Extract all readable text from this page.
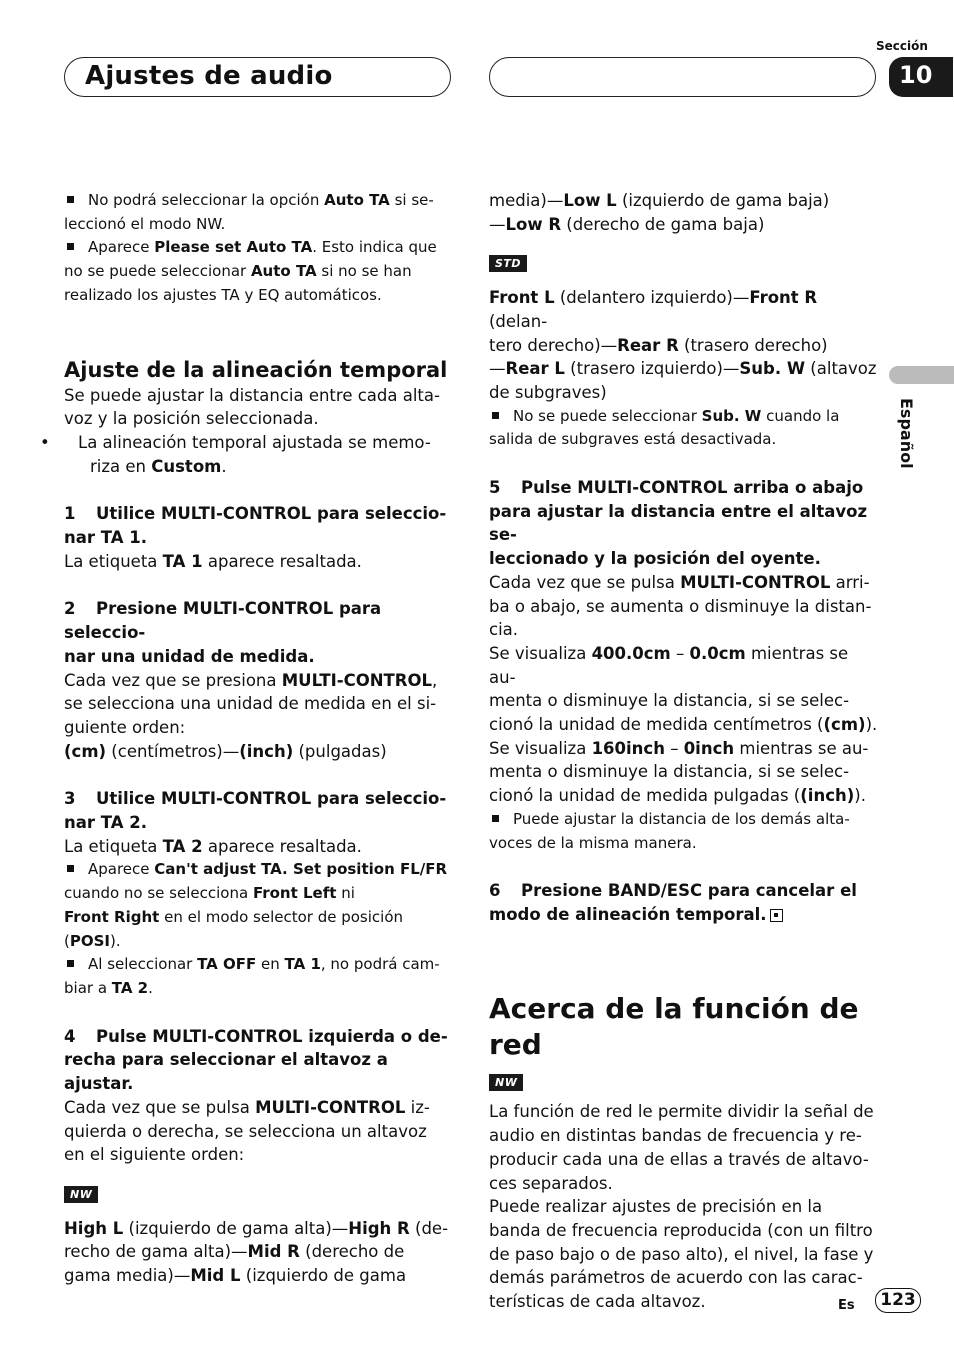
Ajustes de audio
Sección
10
Español

No podrá seleccionar la opción Auto TA si se-
leccionó el modo NW.

Aparece Please set Auto TA. Esto indica que
no se puede seleccionar Auto TA si no se han
realizado los ajustes TA y EQ automáticos.

Ajuste de la alineación temporal

Se puede ajustar la distancia entre cada alta-

voz y la posición seleccionada.

• La alineación temporal ajustada se memo-
riza en Custom.

1 Utilice MULTI-CONTROL para seleccio-
nar TA 1.

La etiqueta TA 1 aparece resaltada.

2 Presione MULTI-CONTROL para seleccio-
nar una unidad de medida.

Cada vez que se presiona MULTI-CONTROL,
se selecciona una unidad de medida en el si-
guiente orden:
(cm) (centímetros)—(inch) (pulgadas)

3 Utilice MULTI-CONTROL para seleccio-
nar TA 2.

La etiqueta TA 2 aparece resaltada.

Aparece Can't adjust TA. Set position FL/FR
cuando no se selecciona Front Left ni
Front Right en el modo selector de posición
(POSI).

Al seleccionar TA OFF en TA 1, no podrá cam-
biar a TA 2.

4 Pulse MULTI-CONTROL izquierda o de-
recha para seleccionar el altavoz a ajustar.

Cada vez que se pulsa MULTI-CONTROL iz-
quierda o derecha, se selecciona un altavoz
en el siguiente orden:

NW

High L (izquierdo de gama alta)—High R (de-
recho de gama alta)—Mid R (derecho de
gama media)—Mid L (izquierdo de gama

media)—Low L (izquierdo de gama baja)
—Low R (derecho de gama baja)

STD

Front L (delantero izquierdo)—Front R (delan-
tero derecho)—Rear R (trasero derecho)
—Rear L (trasero izquierdo)—Sub. W (altavoz
de subgraves)

No se puede seleccionar Sub. W cuando la
salida de subgraves está desactivada.

5 Pulse MULTI-CONTROL arriba o abajo
para ajustar la distancia entre el altavoz se-
leccionado y la posición del oyente.

Cada vez que se pulsa MULTI-CONTROL arri-
ba o abajo, se aumenta o disminuye la distan-
cia.
Se visualiza 400.0cm – 0.0cm mientras se au-
menta o disminuye la distancia, si se selec-
cionó la unidad de medida centímetros ((cm)).
Se visualiza 160inch – 0inch mientras se au-
menta o disminuye la distancia, si se selec-
cionó la unidad de medida pulgadas ((inch)).

Puede ajustar la distancia de los demás alta-
voces de la misma manera.

6 Presione BAND/ESC para cancelar el
modo de alineación temporal.

Acerca de la función de red

NW

La función de red le permite dividir la señal de
audio en distintas bandas de frecuencia y re-
producir cada una de ellas a través de altavo-
ces separados.
Puede realizar ajustes de precisión en la
banda de frecuencia reproducida (con un filtro
de paso bajo o de paso alto), el nivel, la fase y
demás parámetros de acuerdo con las carac-
terísticas de cada altavoz.	Es	123
